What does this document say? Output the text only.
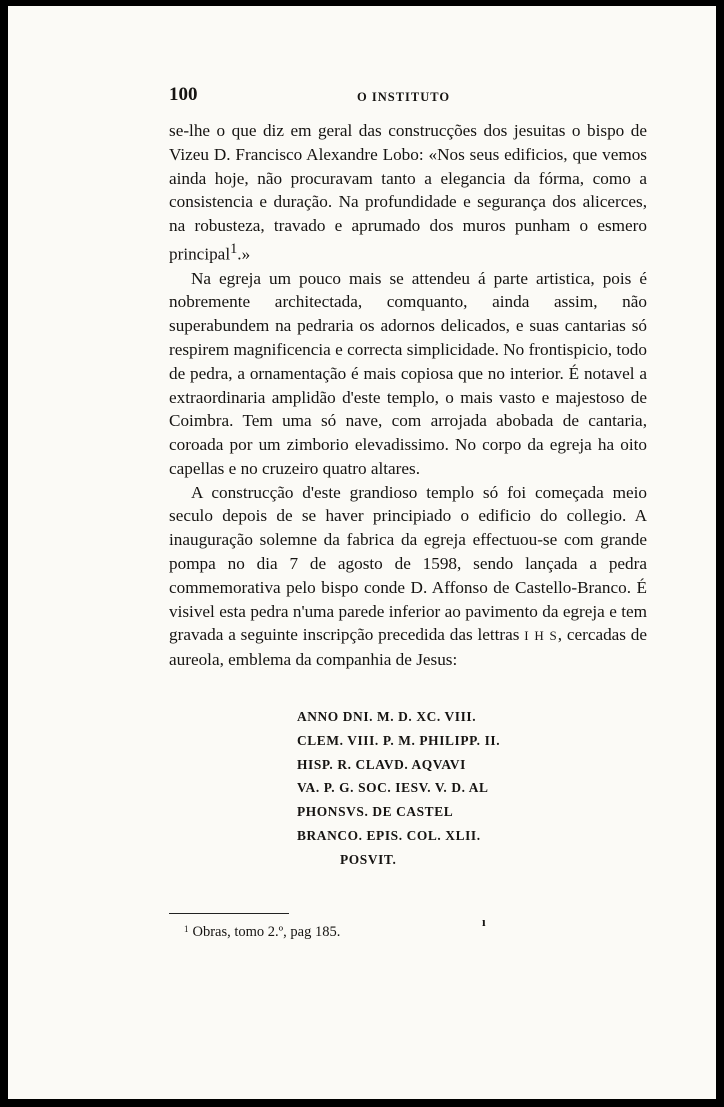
100	O INSTITUTO

se-lhe o que diz em geral das construcções dos jesuitas o bispo de Vizeu D. Francisco Alexandre Lobo: «Nos seus edificios, que vemos ainda hoje, não procuravam tanto a elegancia da fórma, como a consistencia e duração. Na profundidade e segurança dos alicerces, na robusteza, travado e aprumado dos muros punham o esmero principal$^1$.»

Na egreja um pouco mais se attendeu á parte artistica, pois é nobremente architectada, comquanto, ainda assim, não superabundem na pedraria os adornos delicados, e suas cantarias só respirem magnificencia e correcta simplicidade. No frontispicio, todo de pedra, a ornamentação é mais copiosa que no interior. É notavel a extraordinaria amplidão d'este templo, o mais vasto e majestoso de Coimbra. Tem uma só nave, com arrojada abobada de cantaria, coroada por um zimborio elevadissimo. No corpo da egreja ha oito capellas e no cruzeiro quatro altares.

A construcção d'este grandioso templo só foi começada meio seculo depois de se haver principiado o edificio do collegio. A inauguração solemne da fabrica da egreja effectuou-se com grande pompa no dia 7 de agosto de 1598, sendo lançada a pedra commemorativa pelo bispo conde D. Affonso de Castello-Branco. É visivel esta pedra n'uma parede inferior ao pavimento da egreja e tem gravada a seguinte inscripção precedida das lettras I H S, cercadas de aureola, emblema da companhia de Jesus:

ANNO DNI. M. D. XC. VIII.
CLEM. VIII. P. M. PHILIPP. II.
HISP. R. CLAVD. AQVAVI
VA. P. G. SOC. IESV. V. D. AL
PHONSVS. DE CASTEL
BRANCO. EPIS. COL. XLII.
POSVIT.
$^1$ Obras, tomo 2.º, pag 185.
ı
